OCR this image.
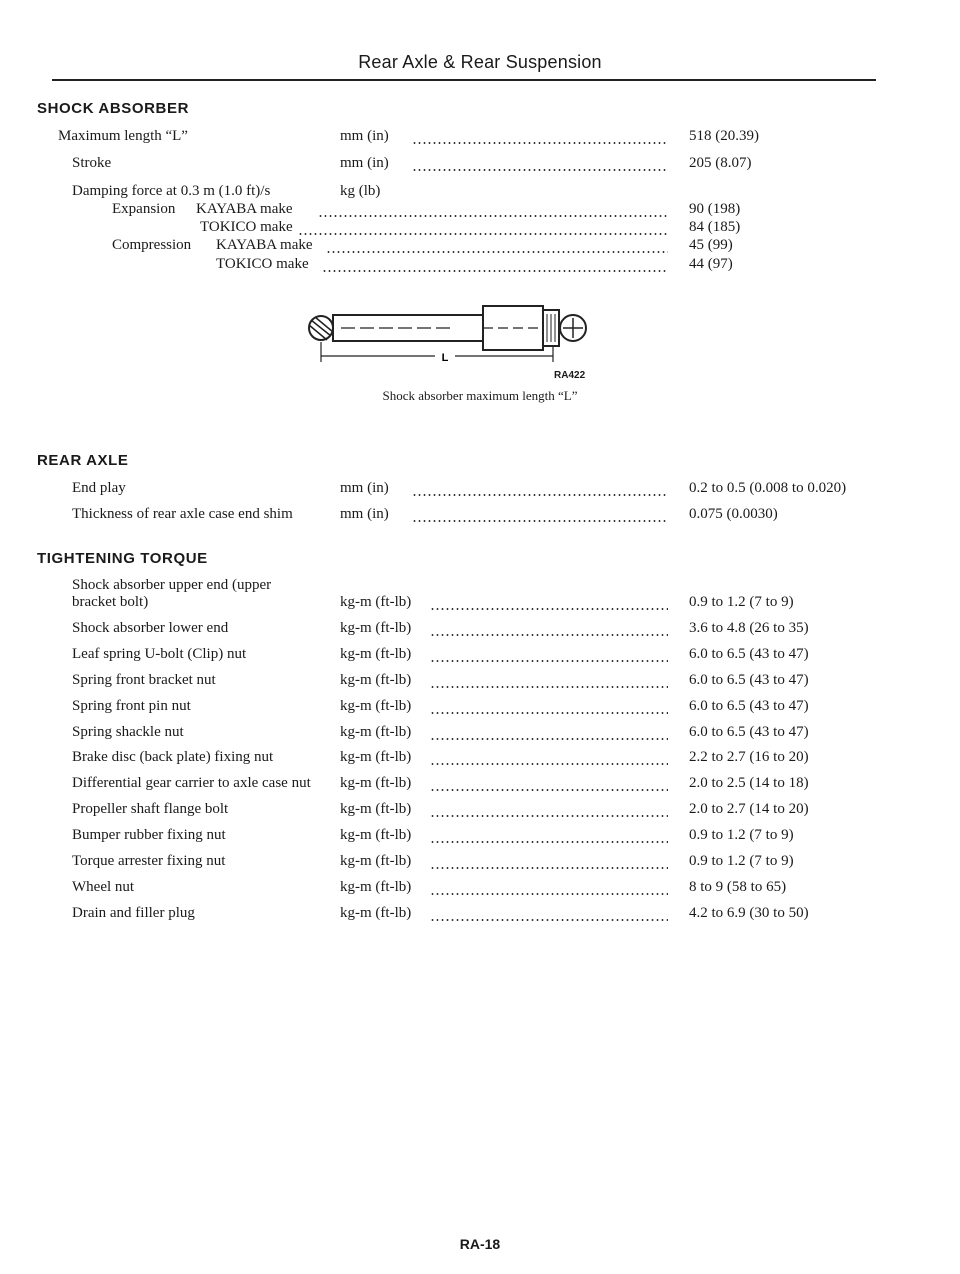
Rear Axle & Rear Suspension
SHOCK ABSORBER
Maximum length “L”	mm (in)	518 (20.39)
Stroke	mm (in)	205 (8.07)
Damping force at 0.3 m (1.0 ft)/s	kg (lb)
Expansion KAYABA make	90 (198)
TOKICO make	84 (185)
Compression KAYABA make	45 (99)
TOKICO make	44 (97)
L
RA422
Shock absorber maximum length “L”
REAR AXLE
End play	mm (in)	0.2 to 0.5 (0.008 to 0.020)
Thickness of rear axle case end shim	mm (in)	0.075 (0.0030)
TIGHTENING TORQUE
Shock absorber upper end (upper
bracket bolt)	kg-m (ft-lb)	0.9 to 1.2 (7 to 9)
Shock absorber lower end	kg-m (ft-lb)	3.6 to 4.8 (26 to 35)
Leaf spring U-bolt (Clip) nut	kg-m (ft-lb)	6.0 to 6.5 (43 to 47)
Spring front bracket nut	kg-m (ft-lb)	6.0 to 6.5 (43 to 47)
Spring front pin nut	kg-m (ft-lb)	6.0 to 6.5 (43 to 47)
Spring shackle nut	kg-m (ft-lb)	6.0 to 6.5 (43 to 47)
Brake disc (back plate) fixing nut	kg-m (ft-lb)	2.2 to 2.7 (16 to 20)
Differential gear carrier to axle case nut kg-m (ft-lb)	2.0 to 2.5 (14 to 18)
Propeller shaft flange bolt	kg-m (ft-lb)	2.0 to 2.7 (14 to 20)
Bumper rubber fixing nut	kg-m (ft-lb)	0.9 to 1.2 (7 to 9)
Torque arrester fixing nut	kg-m (ft-lb)	0.9 to 1.2 (7 to 9)
Wheel nut	kg-m (ft-lb)	8 to 9 (58 to 65)
Drain and filler plug	kg-m (ft-lb)	4.2 to 6.9 (30 to 50)
RA-18
